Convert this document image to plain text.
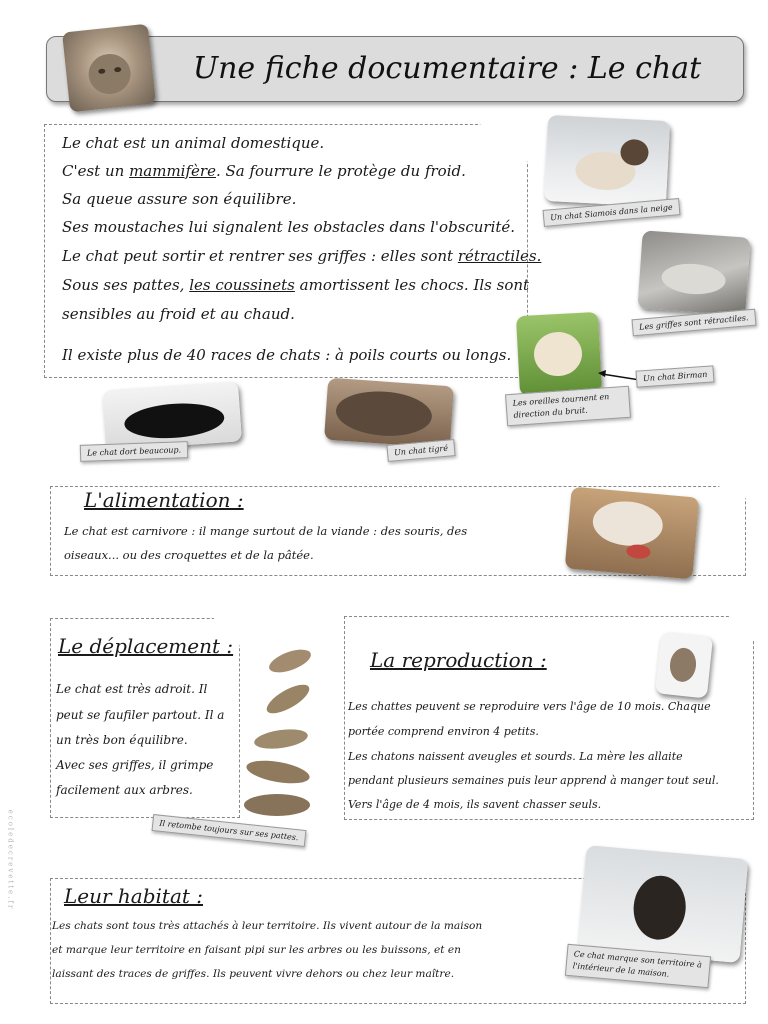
Une fiche documentaire : Le chat
Le chat est un animal domestique.
C'est un mammifère. Sa fourrure le protège du froid.
Sa queue assure son équilibre.
Ses moustaches lui signalent les obstacles dans l'obscurité.
Le chat peut sortir et rentrer ses griffes : elles sont rétractiles.
Sous ses pattes, les coussinets amortissent les chocs. Ils sont
sensibles au froid et au chaud.
Il existe plus de 40 races de chats : à poils courts ou longs.
Un chat Siamois dans la neige
Les griffes sont rétractiles.
Les oreilles tournent en direction du bruit.
Un chat Birman
Le chat dort beaucoup.	Un chat tigré
L'alimentation :
Le chat est carnivore : il mange surtout de la viande : des souris, des
oiseaux... ou des croquettes et de la pâtée.
Le déplacement :
Le chat est très adroit. Il
peut se faufiler partout. Il a
un très bon équilibre.
Avec ses griffes, il grimpe
facilement aux arbres.
Il retombe toujours sur ses pattes.
La reproduction :
Les chattes peuvent se reproduire vers l'âge de 10 mois. Chaque
portée comprend environ 4 petits.
Les chatons naissent aveugles et sourds. La mère les allaite
pendant plusieurs semaines puis leur apprend à manger tout seul.
Vers l'âge de 4 mois, ils savent chasser seuls.
Leur habitat :
Les chats sont tous très attachés à leur territoire. Ils vivent autour de la maison
et marque leur territoire en faisant pipi sur les arbres ou les buissons, et en
laissant des traces de griffes. Ils peuvent vivre dehors ou chez leur maître.
Ce chat marque son territoire à l'intérieur de la maison.
ecoledecrevette.fr
